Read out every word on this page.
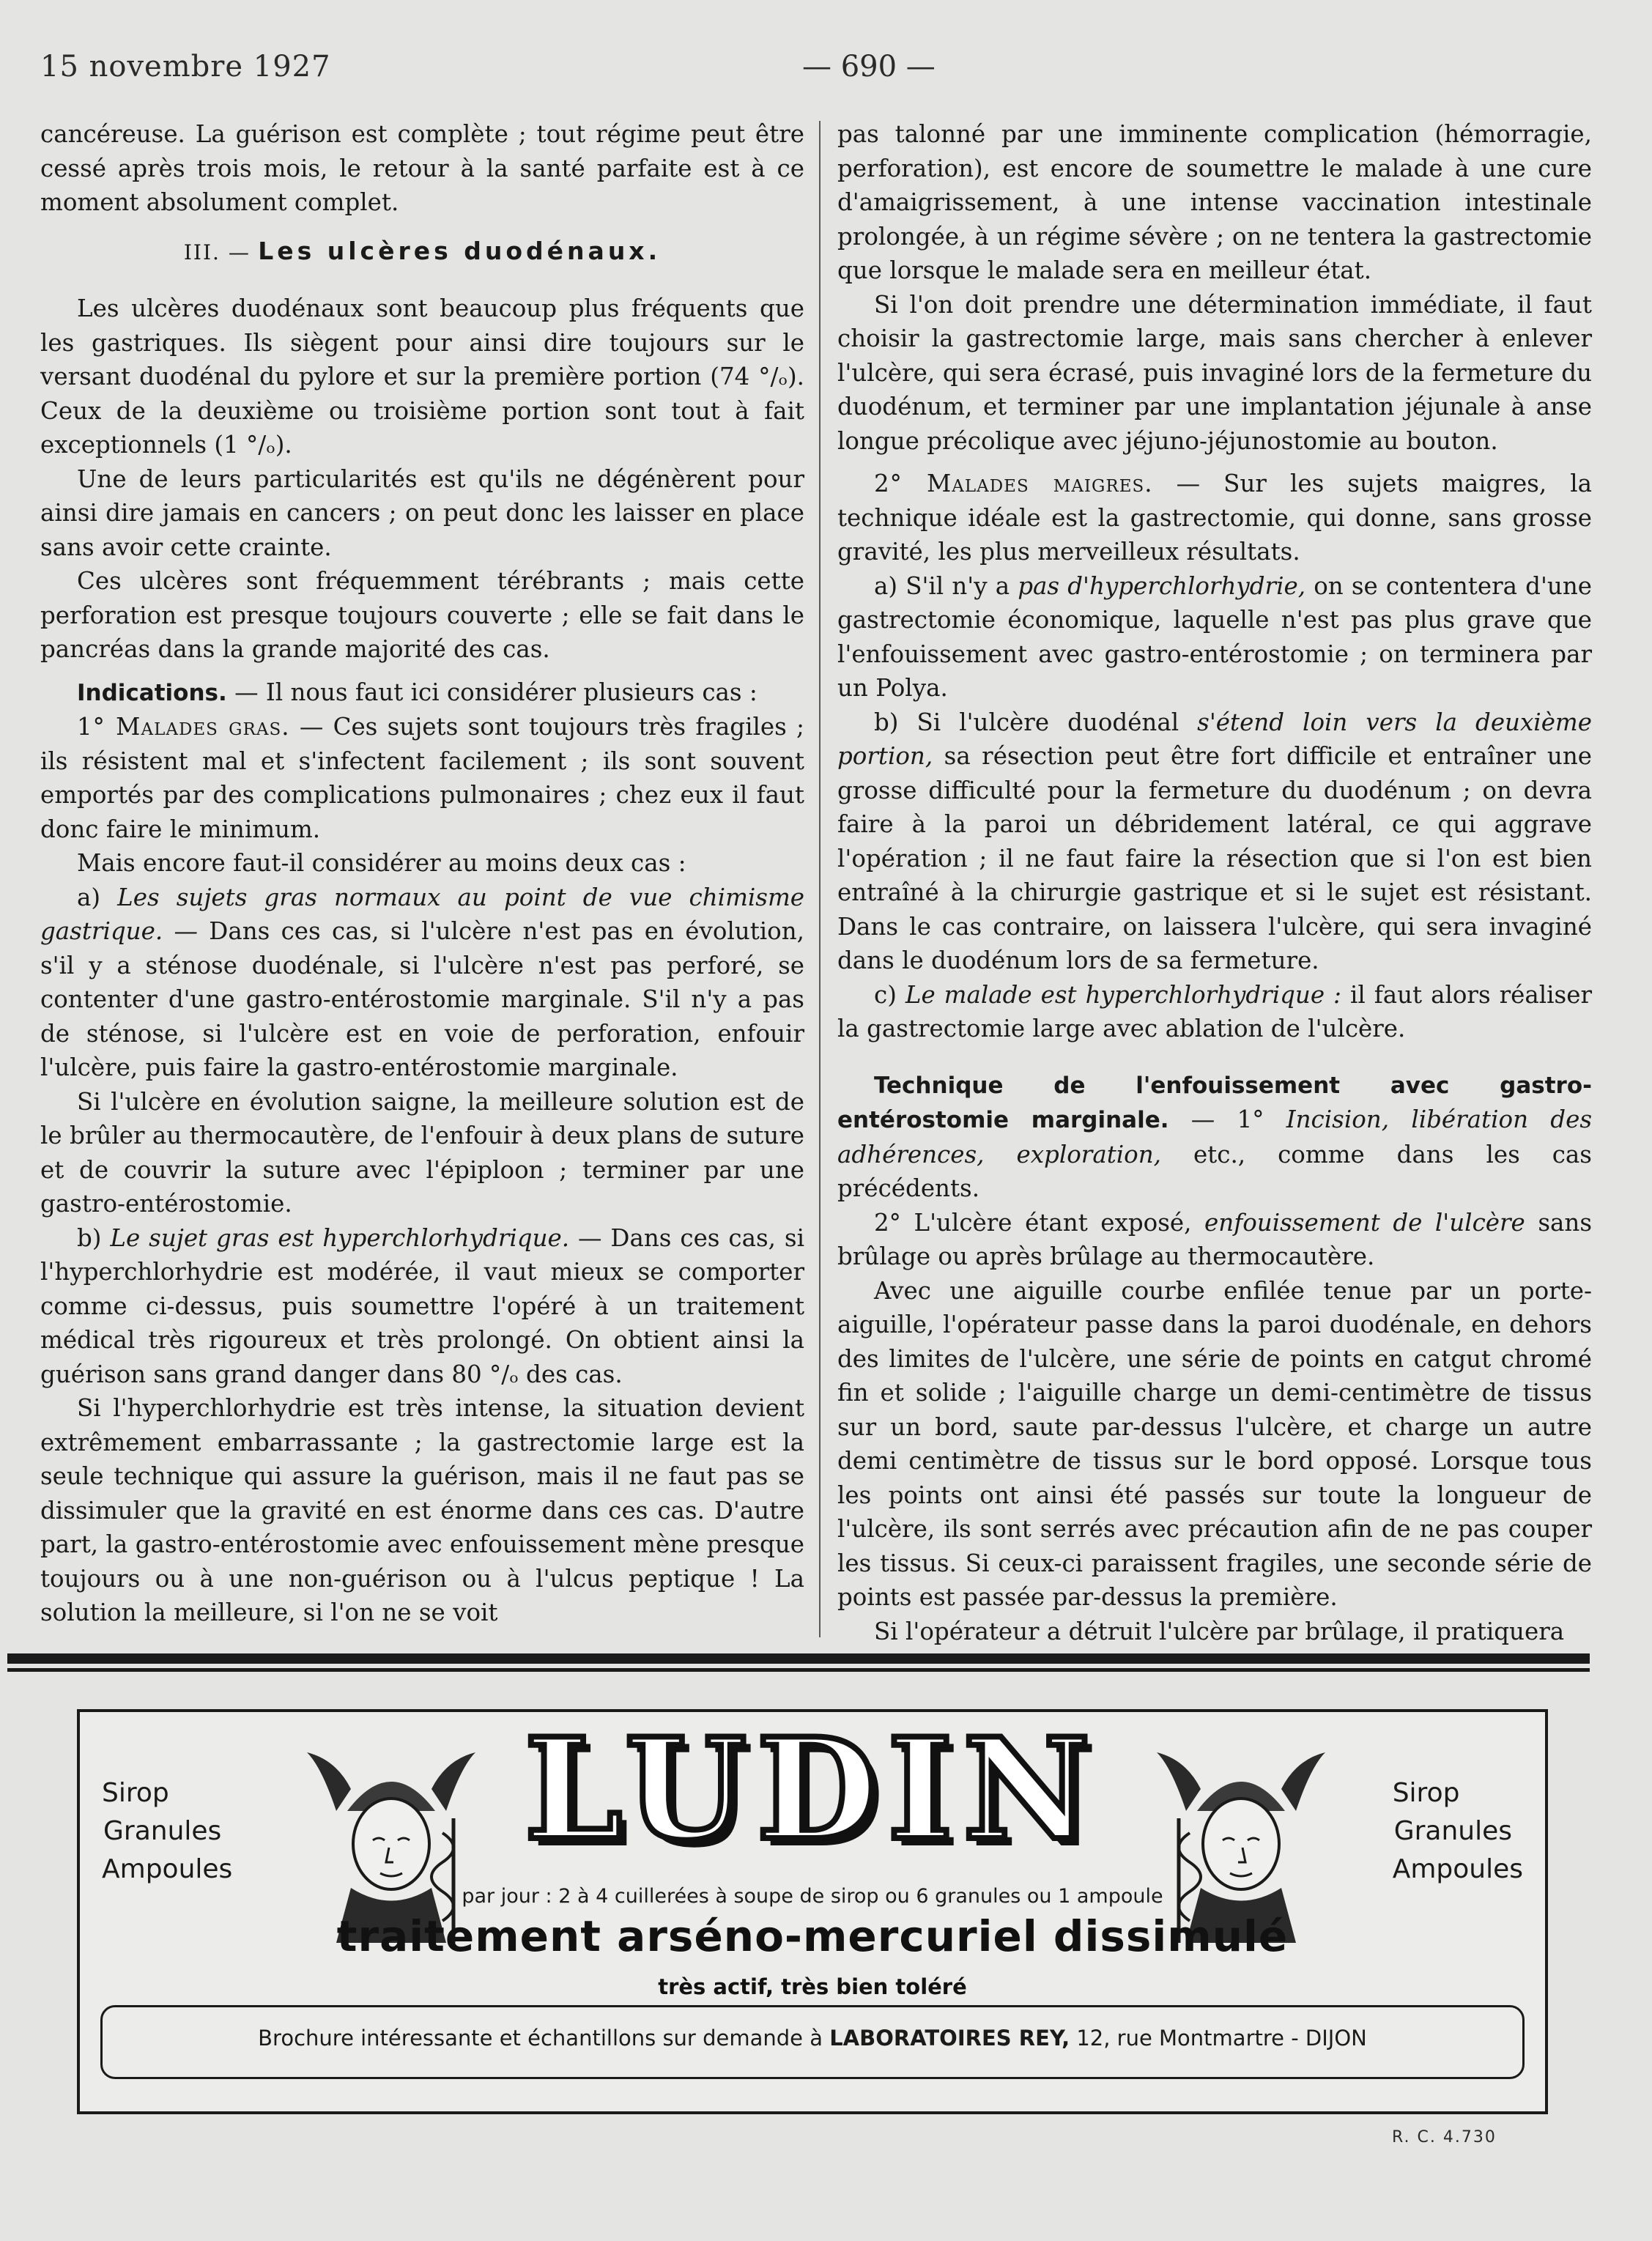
15 novembre 1927	— 690 —

cancéreuse. La guérison est complète ; tout régime peut être cessé après trois mois, le retour à la santé parfaite est à ce moment absolument complet.

III. — Les ulcères duodénaux.

Les ulcères duodénaux sont beaucoup plus fréquents que les gastriques. Ils siègent pour ainsi dire toujours sur le versant duodénal du pylore et sur la première portion (74 °/ₒ). Ceux de la deuxième ou troisième portion sont tout à fait exceptionnels (1 °/ₒ).

Une de leurs particularités est qu'ils ne dégénèrent pour ainsi dire jamais en cancers ; on peut donc les laisser en place sans avoir cette crainte.

Ces ulcères sont fréquemment térébrants ; mais cette perforation est presque toujours couverte ; elle se fait dans le pancréas dans la grande majorité des cas.

Indications. — Il nous faut ici considérer plusieurs cas :

1° Malades gras. — Ces sujets sont toujours très fragiles ; ils résistent mal et s'infectent facilement ; ils sont souvent emportés par des complications pulmonaires ; chez eux il faut donc faire le minimum.

Mais encore faut-il considérer au moins deux cas :

a) Les sujets gras normaux au point de vue chimisme gastrique. — Dans ces cas, si l'ulcère n'est pas en évolution, s'il y a sténose duodénale, si l'ulcère n'est pas perforé, se contenter d'une gastro-entérostomie marginale. S'il n'y a pas de sténose, si l'ulcère est en voie de perforation, enfouir l'ulcère, puis faire la gastro-entérostomie marginale.

Si l'ulcère en évolution saigne, la meilleure solution est de le brûler au thermocautère, de l'enfouir à deux plans de suture et de couvrir la suture avec l'épiploon ; terminer par une gastro-entérostomie.

b) Le sujet gras est hyperchlorhydrique. — Dans ces cas, si l'hyperchlorhydrie est modérée, il vaut mieux se comporter comme ci-dessus, puis soumettre l'opéré à un traitement médical très rigoureux et très prolongé. On obtient ainsi la guérison sans grand danger dans 80 °/ₒ des cas.

Si l'hyperchlorhydrie est très intense, la situation devient extrêmement embarrassante ; la gastrectomie large est la seule technique qui assure la guérison, mais il ne faut pas se dissimuler que la gravité en est énorme dans ces cas. D'autre part, la gastro-entérostomie avec enfouissement mène presque toujours ou à une non-guérison ou à l'ulcus peptique ! La solution la meilleure, si l'on ne se voit

pas talonné par une imminente complication (hémorragie, perforation), est encore de soumettre le malade à une cure d'amaigrissement, à une intense vaccination intestinale prolongée, à un régime sévère ; on ne tentera la gastrectomie que lorsque le malade sera en meilleur état.

Si l'on doit prendre une détermination immédiate, il faut choisir la gastrectomie large, mais sans chercher à enlever l'ulcère, qui sera écrasé, puis invaginé lors de la fermeture du duodénum, et terminer par une implantation jéjunale à anse longue précolique avec jéjuno-jéjunostomie au bouton.

2° Malades maigres. — Sur les sujets maigres, la technique idéale est la gastrectomie, qui donne, sans grosse gravité, les plus merveilleux résultats.

a) S'il n'y a pas d'hyperchlorhydrie, on se contentera d'une gastrectomie économique, laquelle n'est pas plus grave que l'enfouissement avec gastro-entérostomie ; on terminera par un Polya.

b) Si l'ulcère duodénal s'étend loin vers la deuxième portion, sa résection peut être fort difficile et entraîner une grosse difficulté pour la fermeture du duodénum ; on devra faire à la paroi un débridement latéral, ce qui aggrave l'opération ; il ne faut faire la résection que si l'on est bien entraîné à la chirurgie gastrique et si le sujet est résistant. Dans le cas contraire, on laissera l'ulcère, qui sera invaginé dans le duodénum lors de sa fermeture.

c) Le malade est hyperchlorhydrique : il faut alors réaliser la gastrectomie large avec ablation de l'ulcère.

Technique de l'enfouissement avec gastro-entérostomie marginale. — 1° Incision, libération des adhérences, exploration, etc., comme dans les cas précédents.

2° L'ulcère étant exposé, enfouissement de l'ulcère sans brûlage ou après brûlage au thermocautère.

Avec une aiguille courbe enfilée tenue par un porte-aiguille, l'opérateur passe dans la paroi duodénale, en dehors des limites de l'ulcère, une série de points en catgut chromé fin et solide ; l'aiguille charge un demi-centimètre de tissus sur un bord, saute par-dessus l'ulcère, et charge un autre demi centimètre de tissus sur le bord opposé. Lorsque tous les points ont ainsi été passés sur toute la longueur de l'ulcère, ils sont serrés avec précaution afin de ne pas couper les tissus. Si ceux-ci paraissent fragiles, une seconde série de points est passée par-dessus la première.

Si l'opérateur a détruit l'ulcère par brûlage, il pratiquera

Sirop
Granules
Ampoules	LUDIN	Sirop
Granules
Ampoules
par jour : 2 à 4 cuillerées à soupe de sirop ou 6 granules ou 1 ampoule
traitement arséno-mercuriel dissimulé
très actif, très bien toléré
Brochure intéressante et échantillons sur demande à LABORATOIRES REY, 12, rue Montmartre - DIJON
R. C. 4.730
